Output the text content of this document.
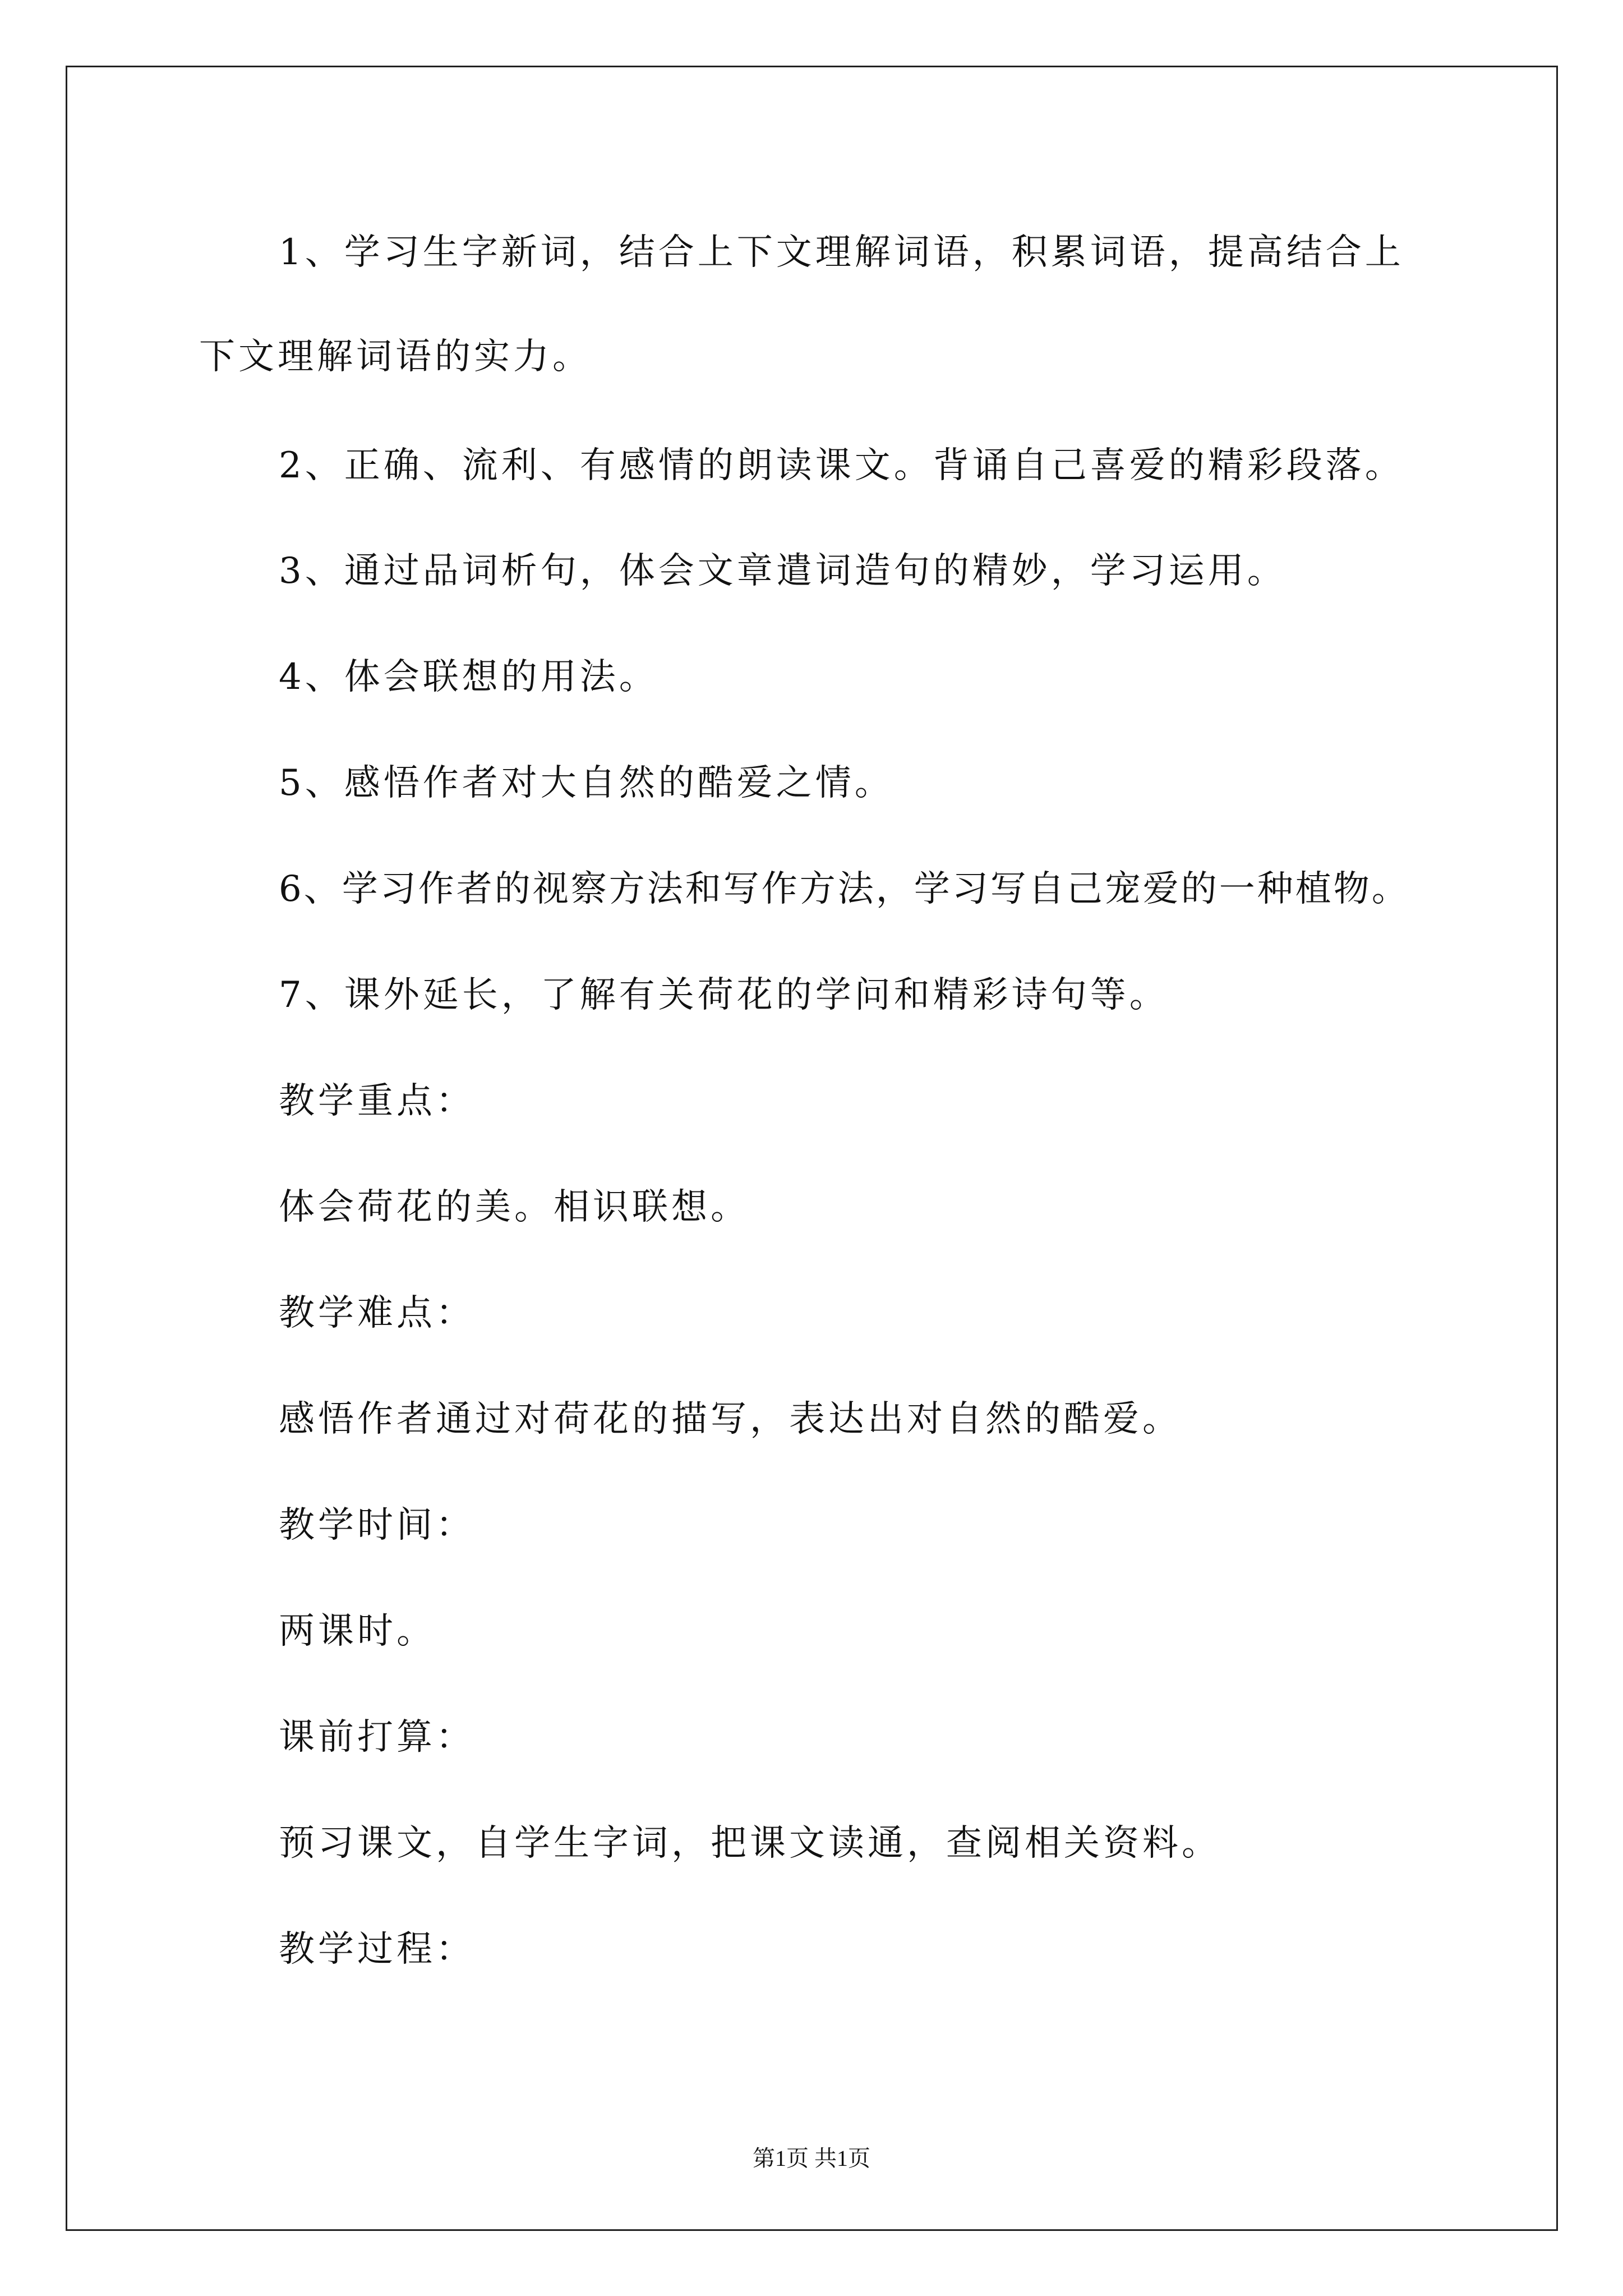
1、学习生字新词，结合上下文理解词语，积累词语，提高结合上
下文理解词语的实力。
2、正确、流利、有感情的朗读课文。背诵自己喜爱的精彩段落。
3、通过品词析句，体会文章遣词造句的精妙，学习运用。
4、体会联想的用法。
5、感悟作者对大自然的酷爱之情。
6、学习作者的视察方法和写作方法，学习写自己宠爱的一种植物。
7、课外延长，了解有关荷花的学问和精彩诗句等。
教学重点：
体会荷花的美。相识联想。
教学难点：
感悟作者通过对荷花的描写，表达出对自然的酷爱。
教学时间：
两课时。
课前打算：
预习课文，自学生字词，把课文读通，查阅相关资料。
教学过程：
第1页 共1页
